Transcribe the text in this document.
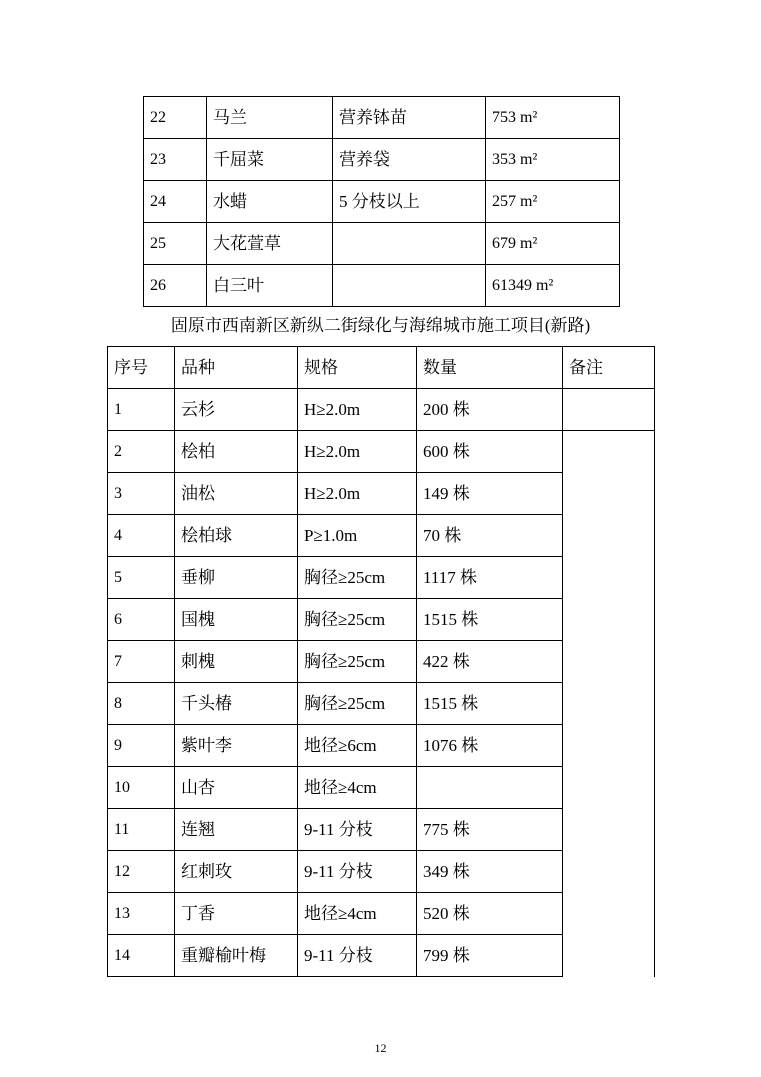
22	马兰	营养钵苗	753 m²
23	千屈菜	营养袋	353 m²
24	水蜡	5 分枝以上	257 m²
25	大花萱草		679 m²
26	白三叶		61349 m²
固原市西南新区新纵二街绿化与海绵城市施工项目(新路)
序号	品种	规格	数量	备注
1	云杉	H≥2.0m	200 株	
2	桧柏	H≥2.0m	600 株	
3	油松	H≥2.0m	149 株	
4	桧柏球	P≥1.0m	70 株	
5	垂柳	胸径≥25cm	1117 株	
6	国槐	胸径≥25cm	1515 株	
7	刺槐	胸径≥25cm	422 株	
8	千头椿	胸径≥25cm	1515 株	
9	紫叶李	地径≥6cm	1076 株	
10	山杏	地径≥4cm		
11	连翘	9-11 分枝	775 株	
12	红刺玫	9-11 分枝	349 株	
13	丁香	地径≥4cm	520 株	
14	重瓣榆叶梅	9-11 分枝	799 株	
12
